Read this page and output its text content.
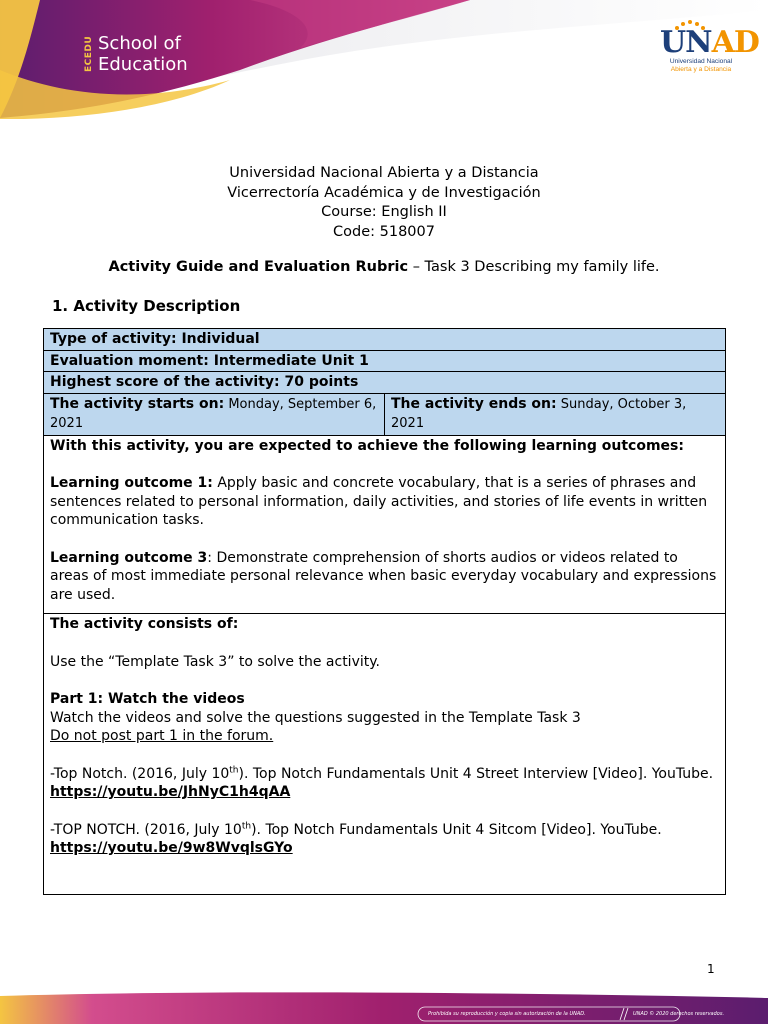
ECEDU School of
Education
UNAD
Universidad Nacional
Abierta y a Distancia
Universidad Nacional Abierta y a Distancia
Vicerrectoría Académica y de Investigación
Course: English II
Code: 518007
Activity Guide and Evaluation Rubric – Task 3 Describing my family life.
1. Activity Description
Type of activity: Individual
Evaluation moment: Intermediate Unit 1
Highest score of the activity: 70 points
The activity starts on: Monday, September 6, 2021	The activity ends on: Sunday, October 3, 2021

With this activity, you are expected to achieve the following learning outcomes:

Learning outcome 1: Apply basic and concrete vocabulary, that is a series of phrases and sentences related to personal information, daily activities, and stories of life events in written communication tasks.

Learning outcome 3: Demonstrate comprehension of shorts audios or videos related to areas of most immediate personal relevance when basic everyday vocabulary and expressions are used.

The activity consists of:

Use the “Template Task 3” to solve the activity.

Part 1: Watch the videos

Watch the videos and solve the questions suggested in the Template Task 3

Do not post part 1 in the forum.

-Top Notch. (2016, July 10th). Top Notch Fundamentals Unit 4 Street Interview [Video]. YouTube. https://youtu.be/JhNyC1h4qAA

-TOP NOTCH. (2016, July 10th). Top Notch Fundamentals Unit 4 Sitcom [Video]. YouTube. https://youtu.be/9w8WvqlsGYo

1
Prohibida su reproducción y copia sin autorización de la UNAD.	UNAD © 2020 derechos reservados.
